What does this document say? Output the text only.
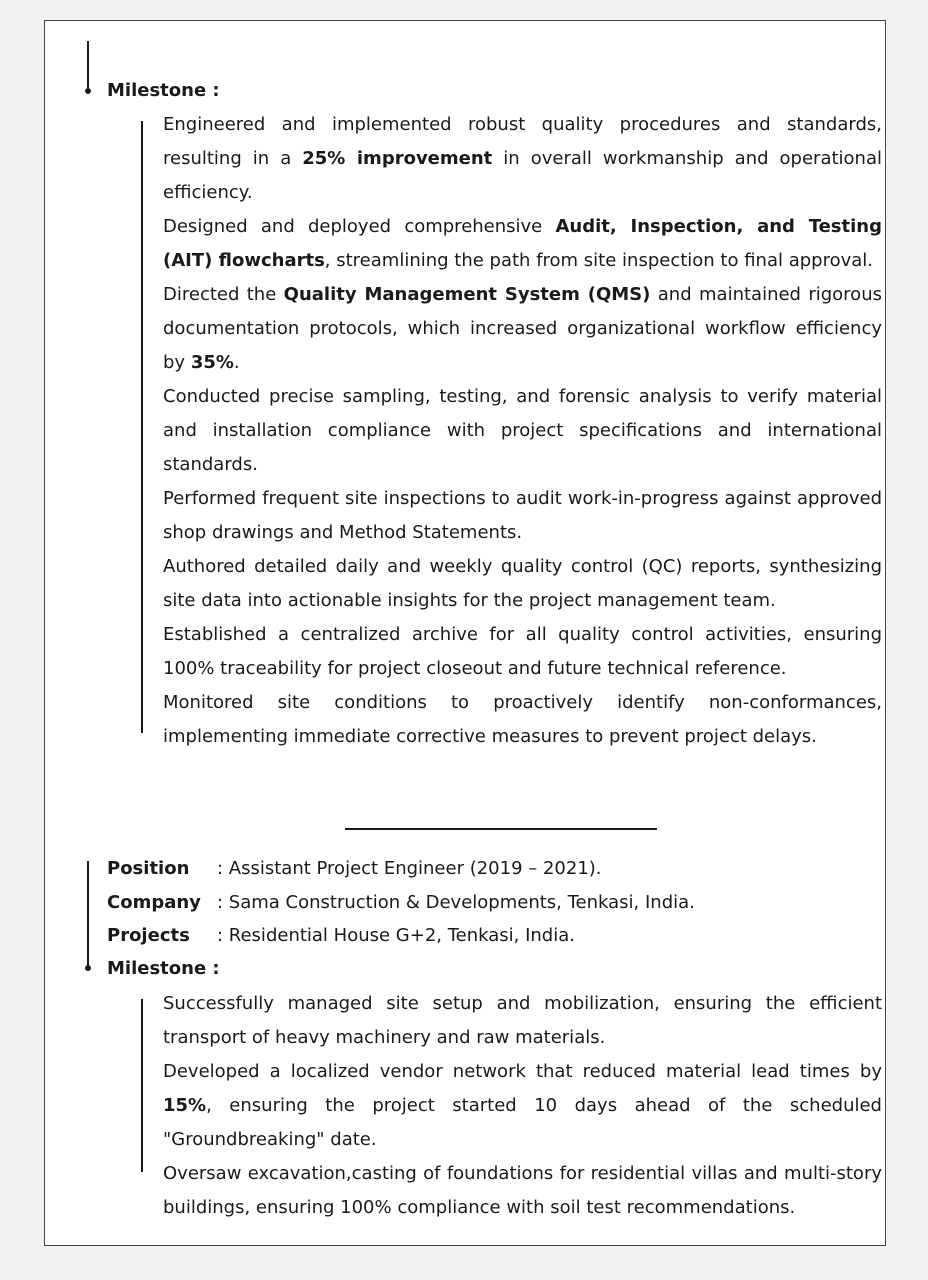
Milestone :
Engineered and implemented robust quality procedures and standards, resulting in a 25% improvement in overall workmanship and operational efficiency.
Designed and deployed comprehensive Audit, Inspection, and Testing (AIT) flowcharts, streamlining the path from site inspection to final approval.
Directed the Quality Management System (QMS) and maintained rigorous documentation protocols, which increased organizational workflow efficiency by 35%.
Conducted precise sampling, testing, and forensic analysis to verify material and installation compliance with project specifications and international standards.
Performed frequent site inspections to audit work-in-progress against approved shop drawings and Method Statements.
Authored detailed daily and weekly quality control (QC) reports, synthesizing site data into actionable insights for the project management team.
Established a centralized archive for all quality control activities, ensuring 100% traceability for project closeout and future technical reference.
Monitored site conditions to proactively identify non-conformances, implementing immediate corrective measures to prevent project delays.
Position : Assistant Project Engineer (2019 – 2021).
Company : Sama Construction & Developments, Tenkasi, India.
Projects : Residential House G+2, Tenkasi, India.
Milestone :
Successfully managed site setup and mobilization, ensuring the efficient transport of heavy machinery and raw materials.
Developed a localized vendor network that reduced material lead times by 15%, ensuring the project started 10 days ahead of the scheduled "Groundbreaking" date.
Oversaw excavation,casting of foundations for residential villas and multi-story buildings, ensuring 100% compliance with soil test recommendations.
